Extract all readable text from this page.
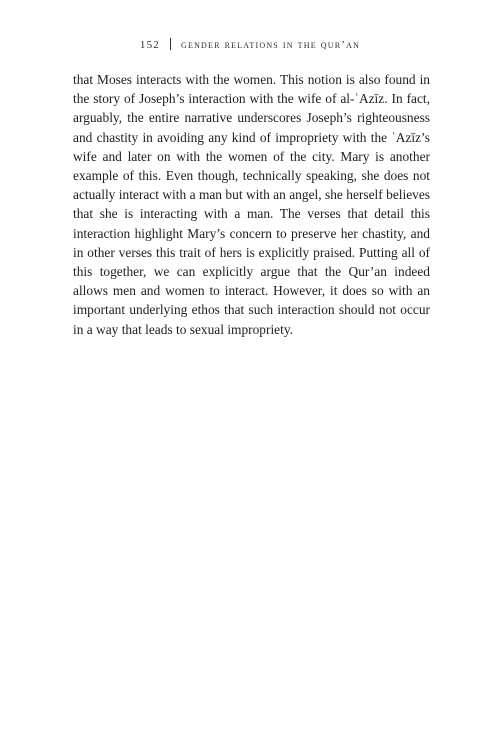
152 gender relations in the qur’an

that Moses interacts with the women. This notion is also found in the story of Joseph’s interaction with the wife of al-ʿAzīz. In fact, arguably, the entire narrative underscores Joseph’s righteousness and chastity in avoiding any kind of impropriety with the ʿAzīz’s wife and later on with the women of the city. Mary is another example of this. Even though, technically speaking, she does not actually interact with a man but with an angel, she herself believes that she is interacting with a man. The verses that detail this interaction highlight Mary’s concern to preserve her chastity, and in other verses this trait of hers is explicitly praised. Putting all of this together, we can explicitly argue that the Qur’an indeed allows men and women to interact. However, it does so with an important underlying ethos that such interaction should not occur in a way that leads to sexual impropriety.
